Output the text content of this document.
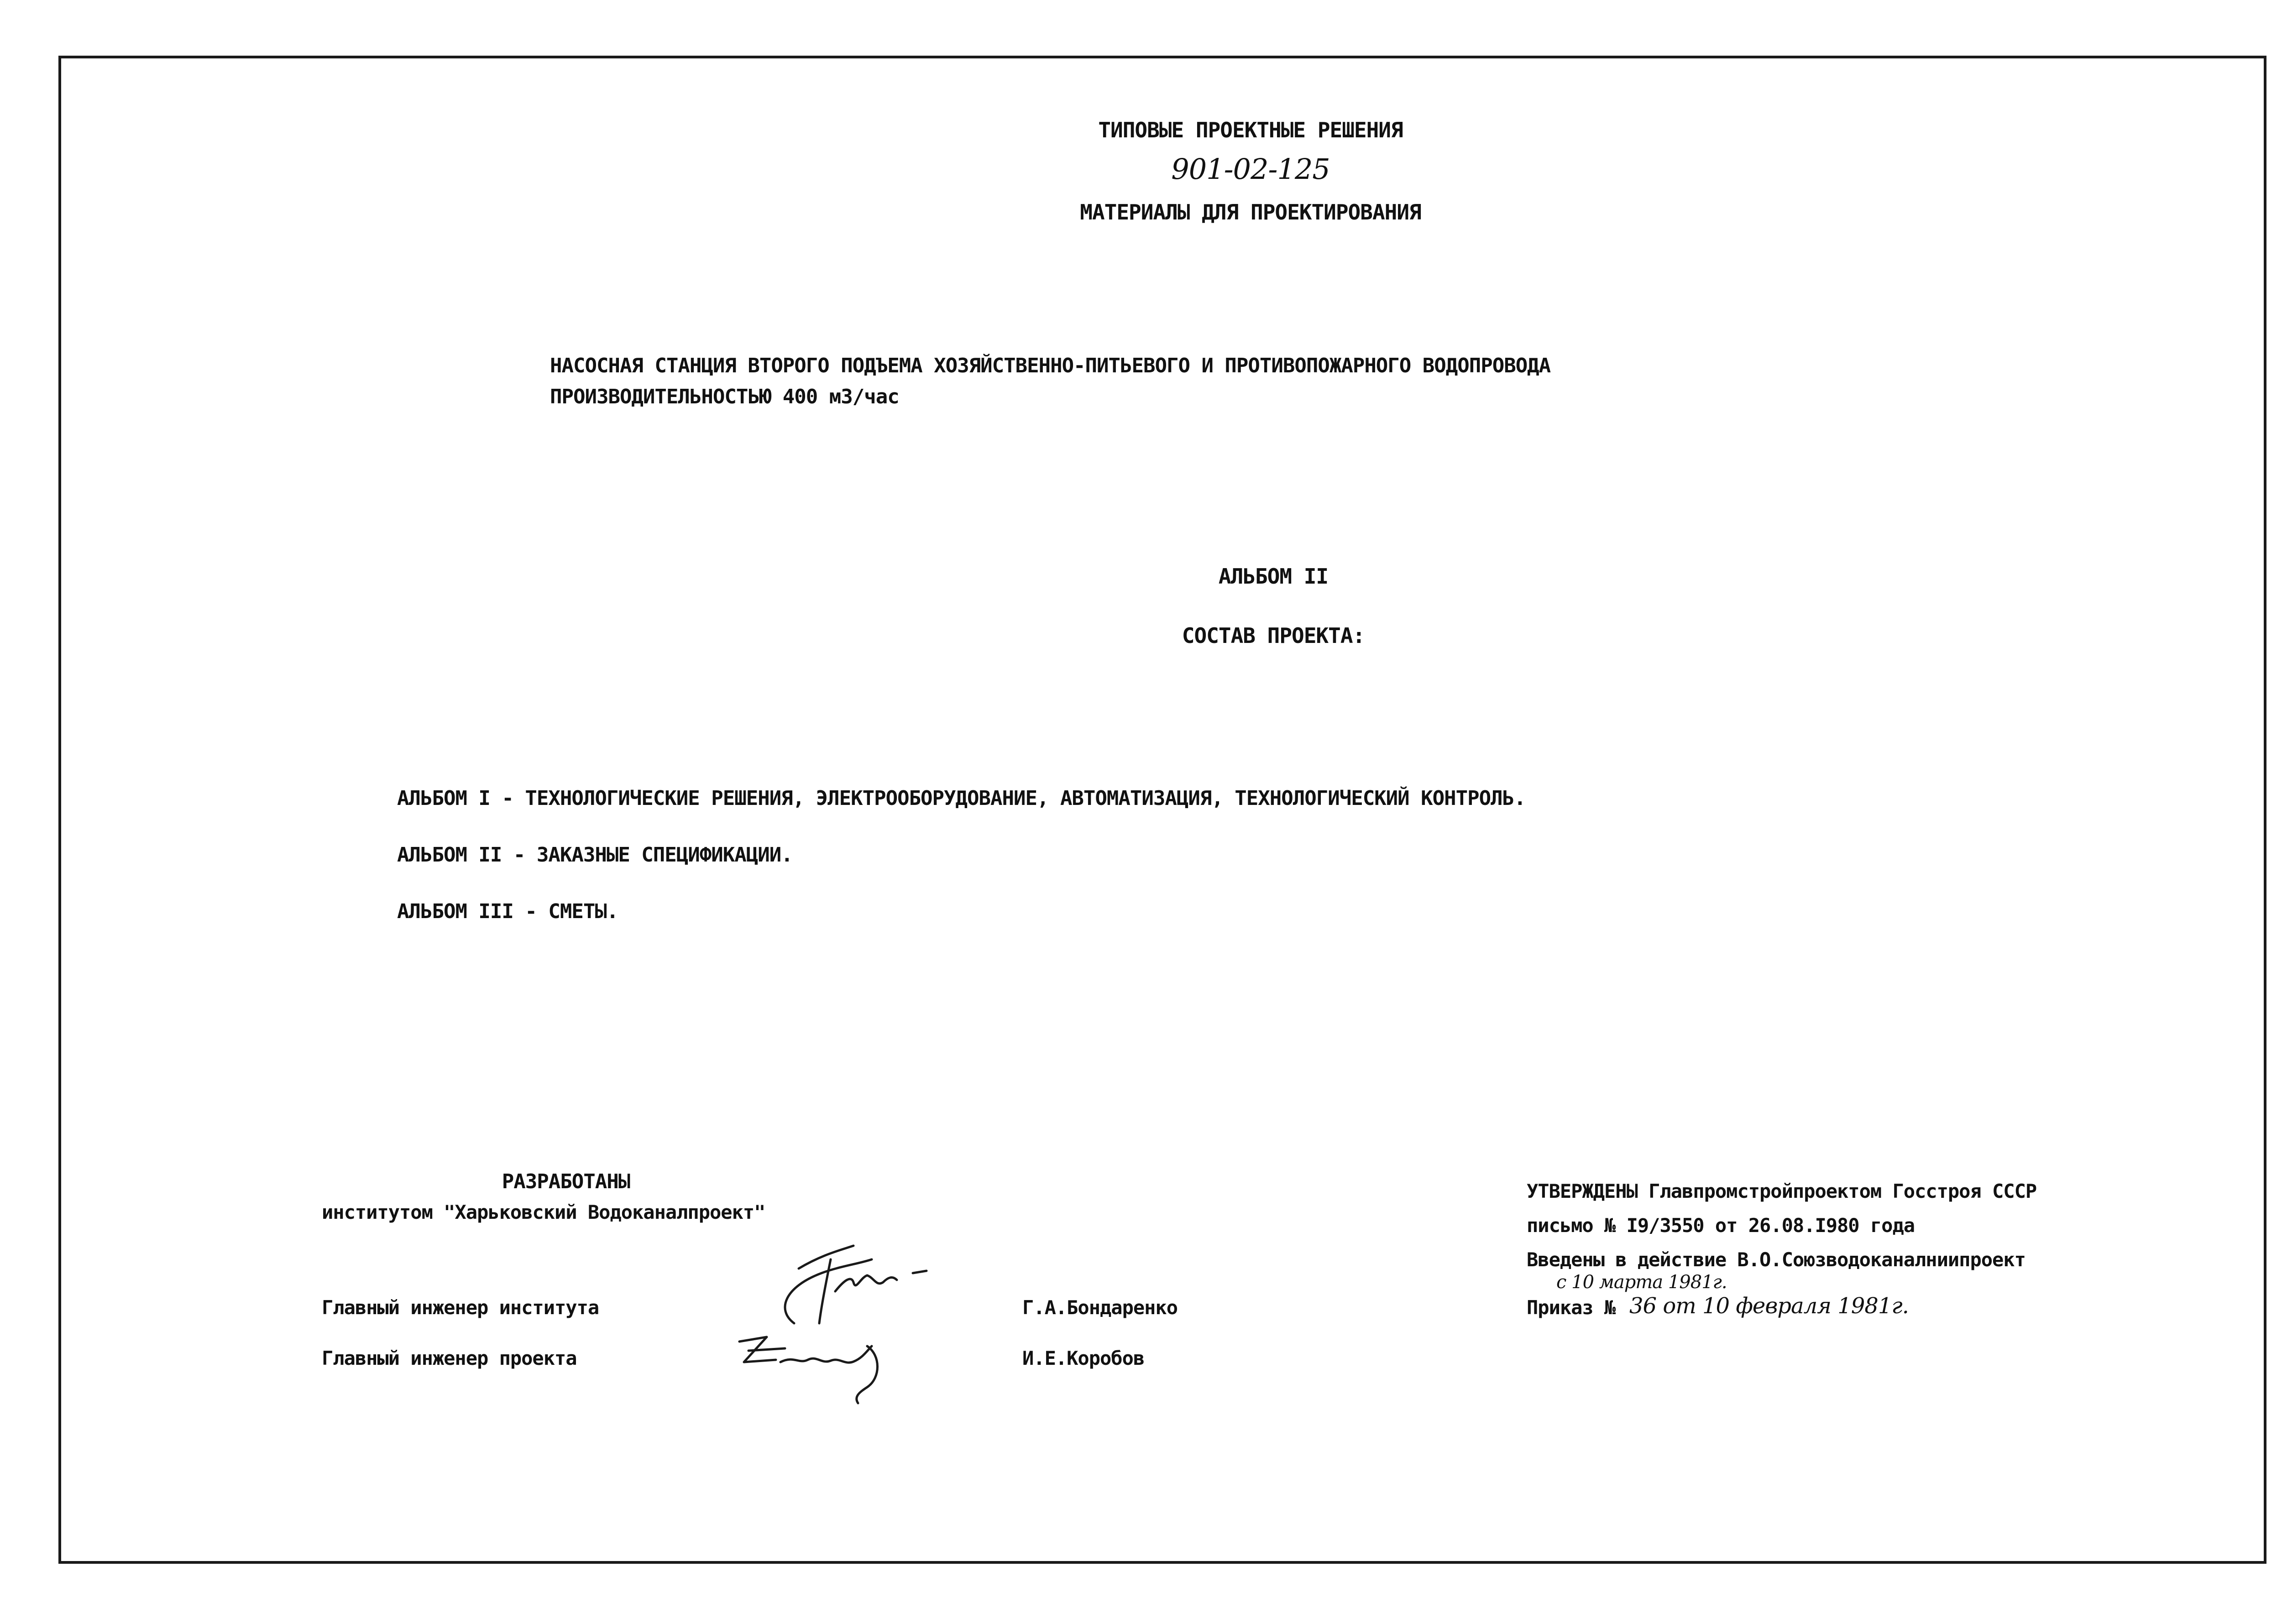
ТИПОВЫЕ ПРОЕКТНЫЕ РЕШЕНИЯ
901-02-125
МАТЕРИАЛЫ ДЛЯ ПРОЕКТИРОВАНИЯ
НАСОСНАЯ СТАНЦИЯ ВТОРОГО ПОДЪЕМА ХОЗЯЙСТВЕННО-ПИТЬЕВОГО И ПРОТИВОПОЖАРНОГО ВОДОПРОВОДА
ПРОИЗВОДИТЕЛЬНОСТЬЮ 400 м3/час
АЛЬБОМ II
СОСТАВ ПРОЕКТА:
АЛЬБОМ I - ТЕХНОЛОГИЧЕСКИЕ РЕШЕНИЯ, ЭЛЕКТРООБОРУДОВАНИЕ, АВТОМАТИЗАЦИЯ, ТЕХНОЛОГИЧЕСКИЙ КОНТРОЛЬ.
АЛЬБОМ II - ЗАКАЗНЫЕ СПЕЦИФИКАЦИИ.
АЛЬБОМ III - СМЕТЫ.
РАЗРАБОТАНЫ
институтом "Харьковский Водоканалпроект"
Главный инженер института
Главный инженер проекта
Г.А.Бондаренко
И.Е.Коробов
УТВЕРЖДЕНЫ Главпромстройпроектом Госстроя СССР
письмо № I9/3550 от 26.08.I980 года
Введены в действие В.О.Союзводоканалниипроект
с 10 марта 1981г.
Приказ № 36 от 10 февраля 1981г.
